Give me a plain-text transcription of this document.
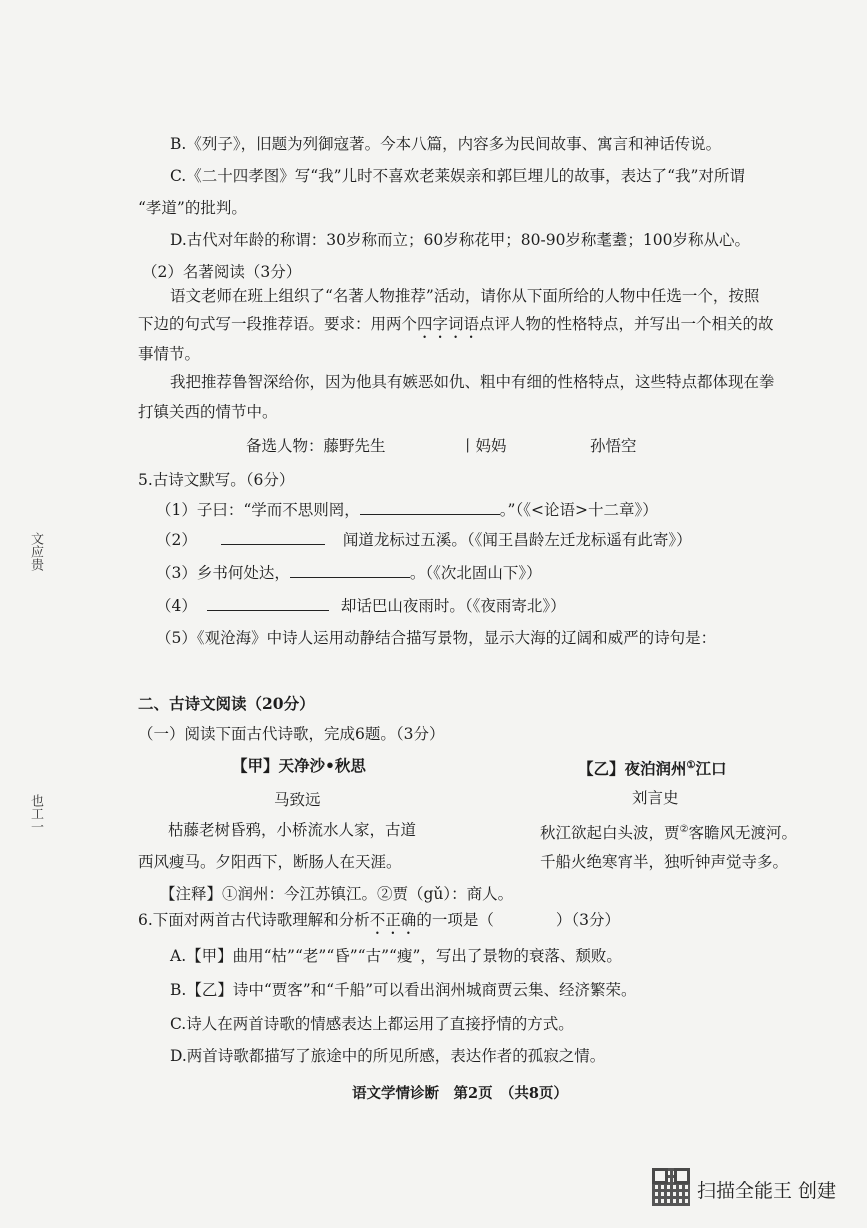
文应贵
也工一
B.《列子》，旧题为列御寇著。今本八篇，内容多为民间故事、寓言和神话传说。
C.《二十四孝图》写“我”儿时不喜欢老莱娱亲和郭巨埋儿的故事，表达了“我”对所谓
“孝道”的批判。
D.古代对年龄的称谓：30岁称而立；60岁称花甲；80-90岁称耄耋；100岁称从心。
（2）名著阅读（3分）
语文老师在班上组织了“名著人物推荐”活动，请你从下面所给的人物中任选一个，按照
下边的句式写一段推荐语。要求：用两个四字词语点评人物的性格特点，并写出一个相关的故
事情节。
我把推荐鲁智深给你，因为他具有嫉恶如仇、粗中有细的性格特点，这些特点都体现在拳
打镇关西的情节中。
备选人物：藤野先生	丨妈妈	孙悟空
5.古诗文默写。（6分）
（1）子曰：“学而不思则罔，	。”（《<论语>十二章》）
（2）	闻道龙标过五溪。（《闻王昌龄左迁龙标遥有此寄》）
（3）乡书何处达，	。（《次北固山下》）
（4）	却话巴山夜雨时。（《夜雨寄北》）
（5）《观沧海》中诗人运用动静结合描写景物，显示大海的辽阔和威严的诗句是：
二、古诗文阅读（20分）
（一）阅读下面古代诗歌，完成6题。（3分）
【甲】天净沙•秋思
马致远
枯藤老树昏鸦，小桥流水人家，古道
西风瘦马。夕阳西下，断肠人在天涯。
【乙】夜泊润州①江口
刘言史
秋江欲起白头波，贾②客瞻风无渡河。
千船火绝寒宵半，独听钟声觉寺多。
【注释】①润州：今江苏镇江。②贾（gǔ）：商人。
6.下面对两首古代诗歌理解和分析不正确的一项是（	）（3分）
A.【甲】曲用“枯”“老”“昏”“古”“瘦”，写出了景物的衰落、颓败。
B.【乙】诗中“贾客”和“千船”可以看出润州城商贾云集、经济繁荣。
C.诗人在两首诗歌的情感表达上都运用了直接抒情的方式。
D.两首诗歌都描写了旅途中的所见所感，表达作者的孤寂之情。
语文学情诊断　第2页　（共8页）
扫描全能王 创建
